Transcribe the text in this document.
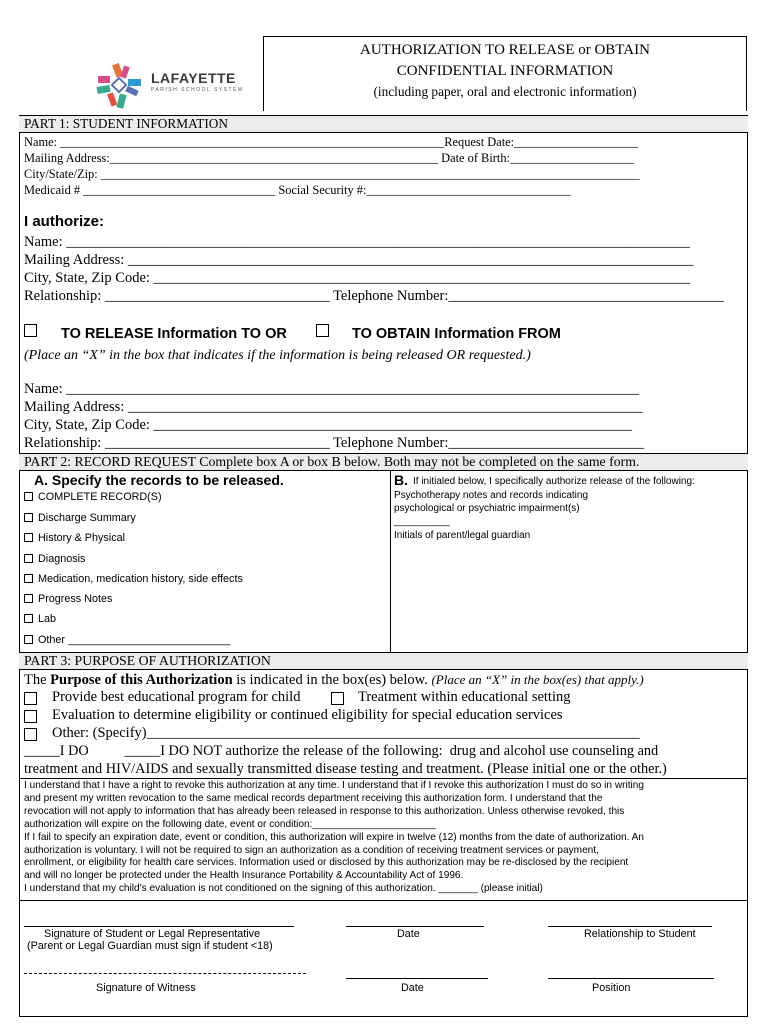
LAFAYETTE
PARISH SCHOOL SYSTEM
AUTHORIZATION TO RELEASE or OBTAIN
CONFIDENTIAL INFORMATION
(including paper, oral and electronic information)
PART 1: STUDENT INFORMATION
Name: ______________________________________________________________Request Date:____________________
Mailing Address:_____________________________________________________ Date of Birth:____________________
City/State/Zip: _______________________________________________________________________________________
Medicaid # _______________________________ Social Security #:_________________________________
I authorize:
Name: ______________________________________________________________________________________
Mailing Address: ______________________________________________________________________________
City, State, Zip Code: __________________________________________________________________________
Relationship: _______________________________ Telephone Number:______________________________________
TO RELEASE Information TO OR	TO OBTAIN Information FROM
(Place an “X” in the box that indicates if the information is being released OR requested.)
Name: _______________________________________________________________________________
Mailing Address: _______________________________________________________________________
City, State, Zip Code: __________________________________________________________________
Relationship: _______________________________ Telephone Number:___________________________
PART 2: RECORD REQUEST Complete box A or box B below. Both may not be completed on the same form.
A. Specify the records to be released.
COMPLETE RECORD(S)
Discharge Summary
History & Physical
Diagnosis
Medication, medication history, side effects
Progress Notes
Lab
Other ___________________________
B. If initialed below, I specifically authorize release of the following:
Psychotherapy notes and records indicating
psychological or psychiatric impairment(s)
__________
Initials of parent/legal guardian
PART 3: PURPOSE OF AUTHORIZATION
The Purpose of this Authorization is indicated in the box(es) below. (Place an “X” in the box(es) that apply.)
Provide best educational program for child	Treatment within educational setting
Evaluation to determine eligibility or continued eligibility for special education services
Other: (Specify)____________________________________________________________________
_____I DO          _____I DO NOT authorize the release of the following:  drug and alcohol use counseling and
treatment and HIV/AIDS and sexually transmitted disease testing and treatment. (Please initial one or the other.)
I understand that I have a right to revoke this authorization at any time. I understand that if I revoke this authorization I must do so in writing
and present my written revocation to the same medical records department receiving this authorization form. I understand that the
revocation will not apply to information that has already been released in response to this authorization. Unless otherwise revoked, this
authorization will expire on the following date, event or condition:______________________
If I fail to specify an expiration date, event or condition, this authorization will expire in twelve (12) months from the date of authorization. An
authorization is voluntary. I will not be required to sign an authorization as a condition of receiving treatment services or payment,
enrollment, or eligibility for health care services. Information used or disclosed by this authorization may be re-disclosed by the recipient
and will no longer be protected under the Health Insurance Portability & Accountability Act of 1996.
I understand that my child’s evaluation is not conditioned on the signing of this authorization. _______ (please initial)
Signature of Student or Legal Representative
(Parent or Legal Guardian must sign if student <18)
Date	Relationship to Student
Signature of Witness	Date	Position
